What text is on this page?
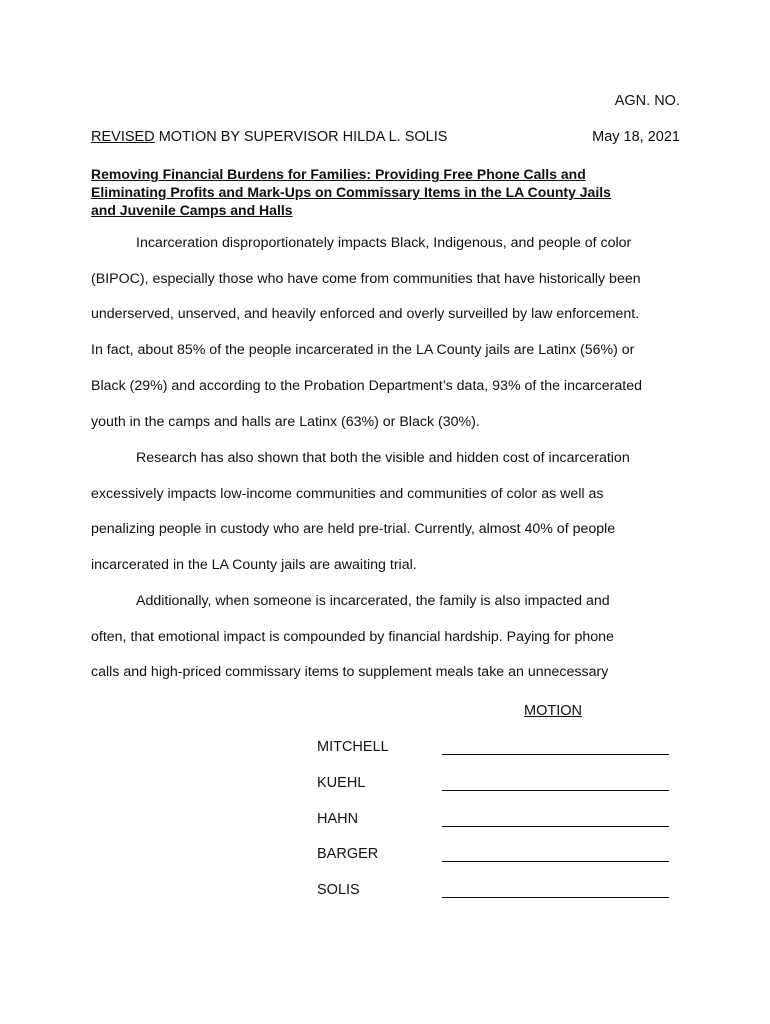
AGN. NO.
REVISED MOTION BY SUPERVISOR HILDA L. SOLIS	May 18, 2021
Removing Financial Burdens for Families: Providing Free Phone Calls and
Eliminating Profits and Mark-Ups on Commissary Items in the LA County Jails
and Juvenile Camps and Halls

Incarceration disproportionately impacts Black, Indigenous, and people of color
(BIPOC), especially those who have come from communities that have historically been
underserved, unserved, and heavily enforced and overly surveilled by law enforcement.
In fact, about 85% of the people incarcerated in the LA County jails are Latinx (56%) or
Black (29%) and according to the Probation Department’s data, 93% of the incarcerated
youth in the camps and halls are Latinx (63%) or Black (30%).

Research has also shown that both the visible and hidden cost of incarceration
excessively impacts low-income communities and communities of color as well as
penalizing people in custody who are held pre-trial. Currently, almost 40% of people
incarcerated in the LA County jails are awaiting trial.

Additionally, when someone is incarcerated, the family is also impacted and
often, that emotional impact is compounded by financial hardship. Paying for phone
calls and high-priced commissary items to supplement meals take an unnecessary

MOTION
MITCHELL
KUEHL
HAHN
BARGER
SOLIS
